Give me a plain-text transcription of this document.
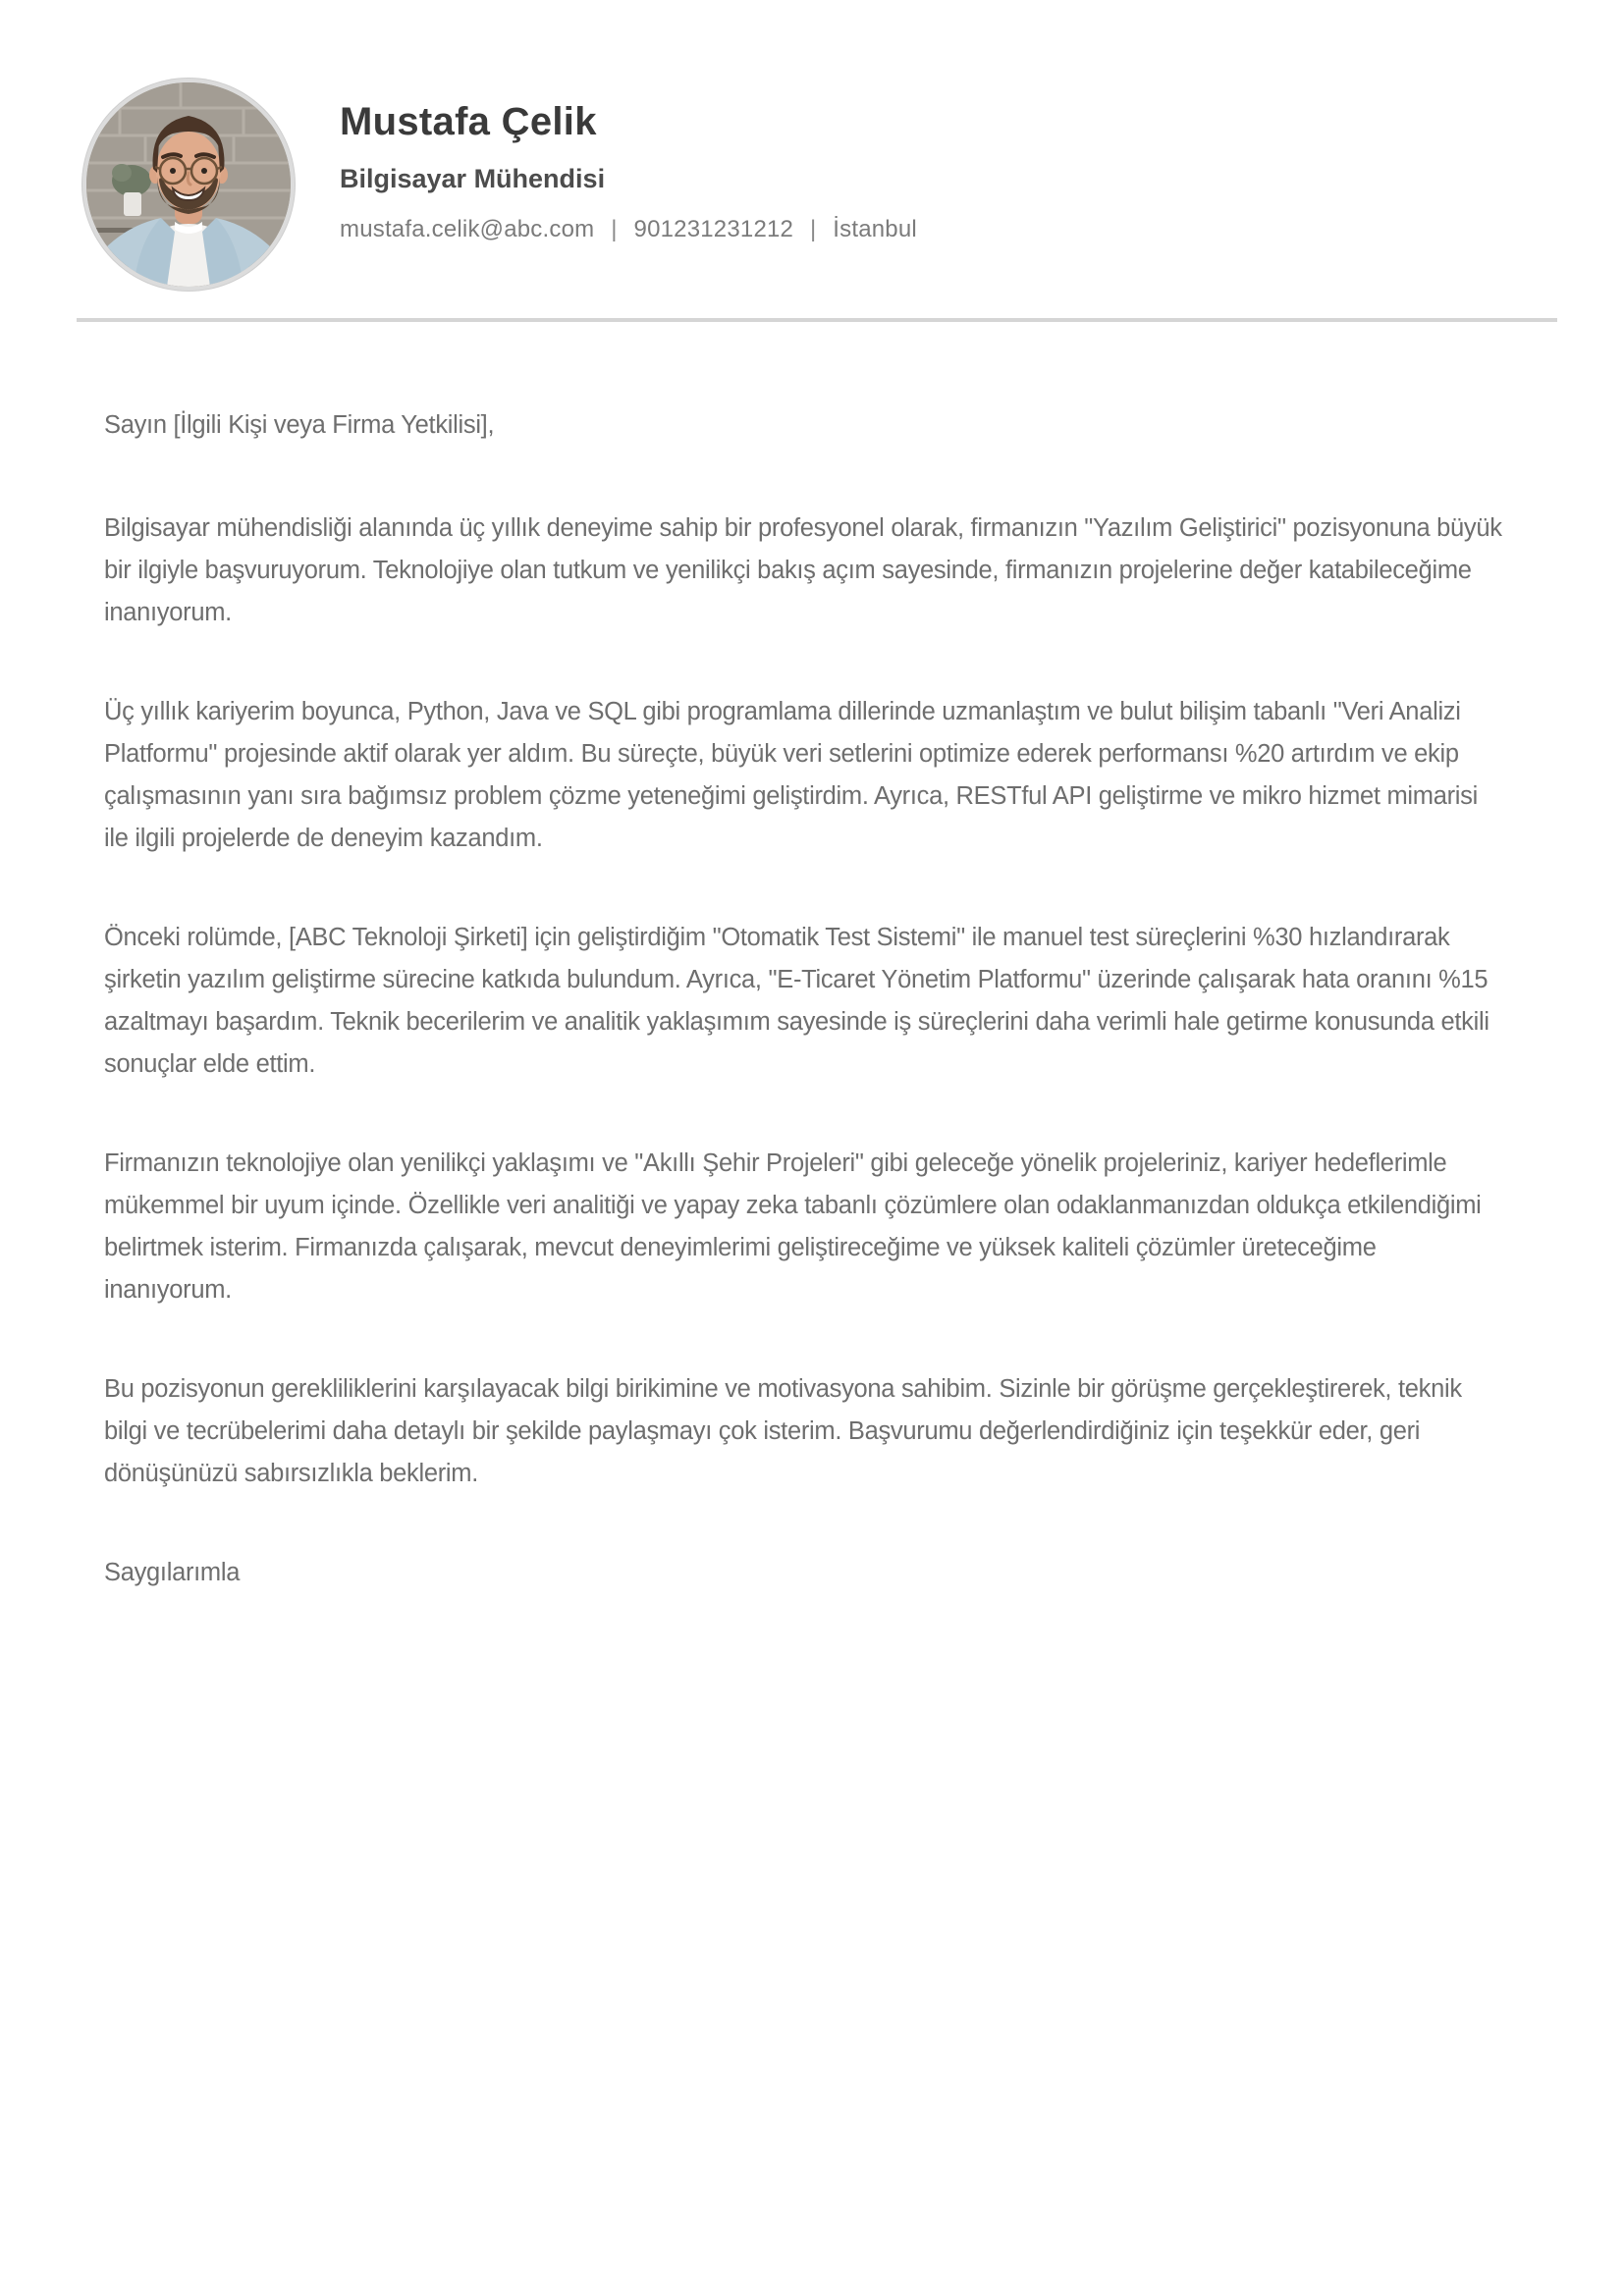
Mustafa Çelik
Bilgisayar Mühendisi
mustafa.celik@abc.com | 901231231212 | İstanbul

Sayın [İlgili Kişi veya Firma Yetkilisi],

Bilgisayar mühendisliği alanında üç yıllık deneyime sahip bir profesyonel olarak, firmanızın "Yazılım Geliştirici" pozisyonuna büyük bir ilgiyle başvuruyorum. Teknolojiye olan tutkum ve yenilikçi bakış açım sayesinde, firmanızın projelerine değer katabileceğime inanıyorum.

Üç yıllık kariyerim boyunca, Python, Java ve SQL gibi programlama dillerinde uzmanlaştım ve bulut bilişim tabanlı "Veri Analizi Platformu" projesinde aktif olarak yer aldım. Bu süreçte, büyük veri setlerini optimize ederek performansı %20 artırdım ve ekip çalışmasının yanı sıra bağımsız problem çözme yeteneğimi geliştirdim. Ayrıca, RESTful API geliştirme ve mikro hizmet mimarisi ile ilgili projelerde de deneyim kazandım.

Önceki rolümde, [ABC Teknoloji Şirketi] için geliştirdiğim "Otomatik Test Sistemi" ile manuel test süreçlerini %30 hızlandırarak şirketin yazılım geliştirme sürecine katkıda bulundum. Ayrıca, "E-Ticaret Yönetim Platformu" üzerinde çalışarak hata oranını %15 azaltmayı başardım. Teknik becerilerim ve analitik yaklaşımım sayesinde iş süreçlerini daha verimli hale getirme konusunda etkili sonuçlar elde ettim.

Firmanızın teknolojiye olan yenilikçi yaklaşımı ve "Akıllı Şehir Projeleri" gibi geleceğe yönelik projeleriniz, kariyer hedeflerimle mükemmel bir uyum içinde. Özellikle veri analitiği ve yapay zeka tabanlı çözümlere olan odaklanmanızdan oldukça etkilendiğimi belirtmek isterim. Firmanızda çalışarak, mevcut deneyimlerimi geliştireceğime ve yüksek kaliteli çözümler üreteceğime inanıyorum.

Bu pozisyonun gerekliliklerini karşılayacak bilgi birikimine ve motivasyona sahibim. Sizinle bir görüşme gerçekleştirerek, teknik bilgi ve tecrübelerimi daha detaylı bir şekilde paylaşmayı çok isterim. Başvurumu değerlendirdiğiniz için teşekkür eder, geri dönüşünüzü sabırsızlıkla beklerim.

Saygılarımla
